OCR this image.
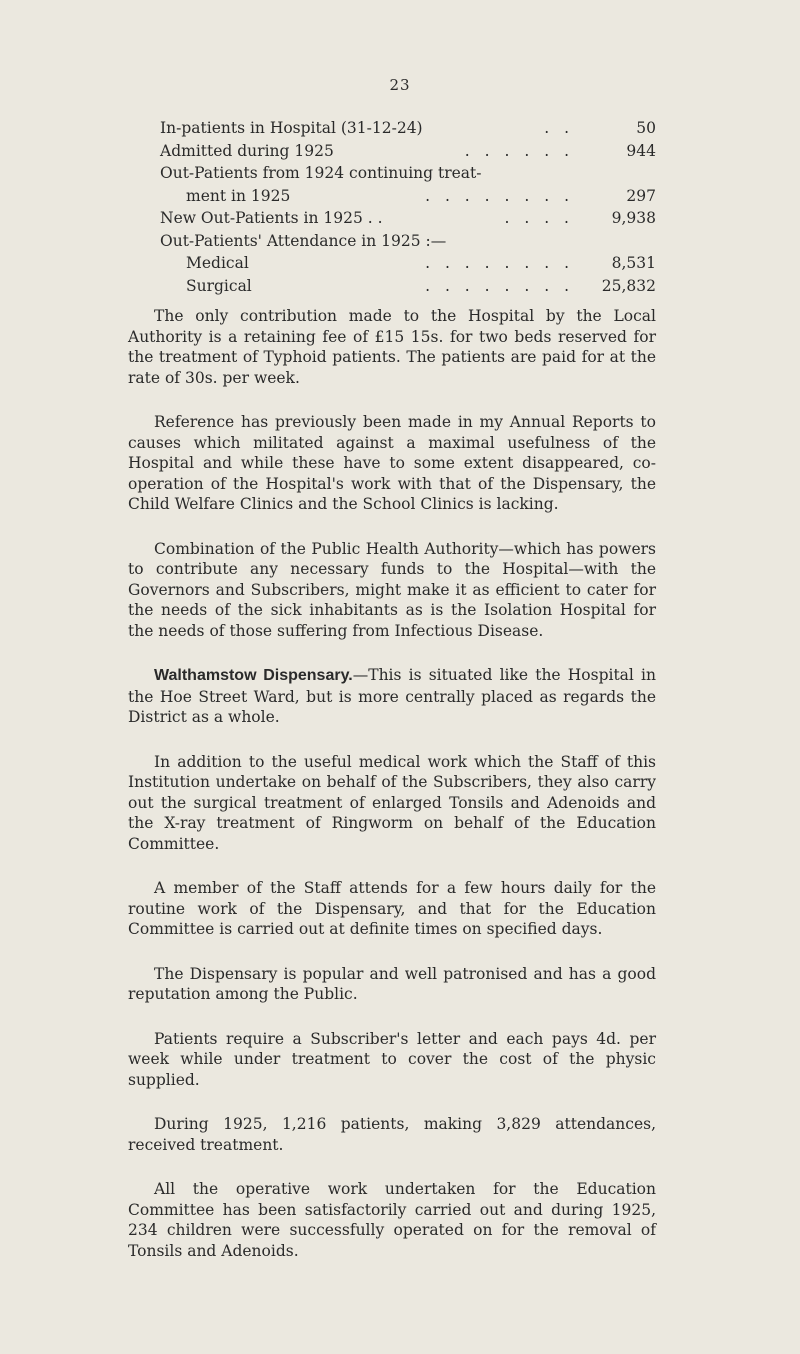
23
In-patients in Hospital (31-12-24)	. .	50
Admitted during 1925	. . . . . .	944
Out-Patients from 1924 continuing treat-
ment in 1925	. . . . . . . .	297
New Out-Patients in 1925 . .	. . . .	9,938
Out-Patients' Attendance in 1925 :—
Medical	. . . . . . . .	8,531
Surgical	. . . . . . . .	25,832

The only contribution made to the Hospital by the Local Authority is a retaining fee of £15 15s. for two beds reserved for the treatment of Typhoid patients. The patients are paid for at the rate of 30s. per week.

Reference has previously been made in my Annual Reports to causes which militated against a maximal usefulness of the Hospital and while these have to some extent disappeared, co-operation of the Hospital's work with that of the Dispensary, the Child Welfare Clinics and the School Clinics is lacking.

Combination of the Public Health Authority—which has powers to contribute any necessary funds to the Hospital—with the Governors and Subscribers, might make it as efficient to cater for the needs of the sick inhabitants as is the Isolation Hospital for the needs of those suffering from Infectious Disease.

Walthamstow Dispensary.—This is situated like the Hospital in the Hoe Street Ward, but is more centrally placed as regards the District as a whole.

In addition to the useful medical work which the Staff of this Institution undertake on behalf of the Subscribers, they also carry out the surgical treatment of enlarged Tonsils and Adenoids and the X-ray treatment of Ringworm on behalf of the Education Committee.

A member of the Staff attends for a few hours daily for the routine work of the Dispensary, and that for the Education Committee is carried out at definite times on specified days.

The Dispensary is popular and well patronised and has a good reputation among the Public.

Patients require a Subscriber's letter and each pays 4d. per week while under treatment to cover the cost of the physic supplied.

During 1925, 1,216 patients, making 3,829 attendances, received treatment.

All the operative work undertaken for the Education Committee has been satisfactorily carried out and during 1925, 234 children were successfully operated on for the removal of Tonsils and Adenoids.
